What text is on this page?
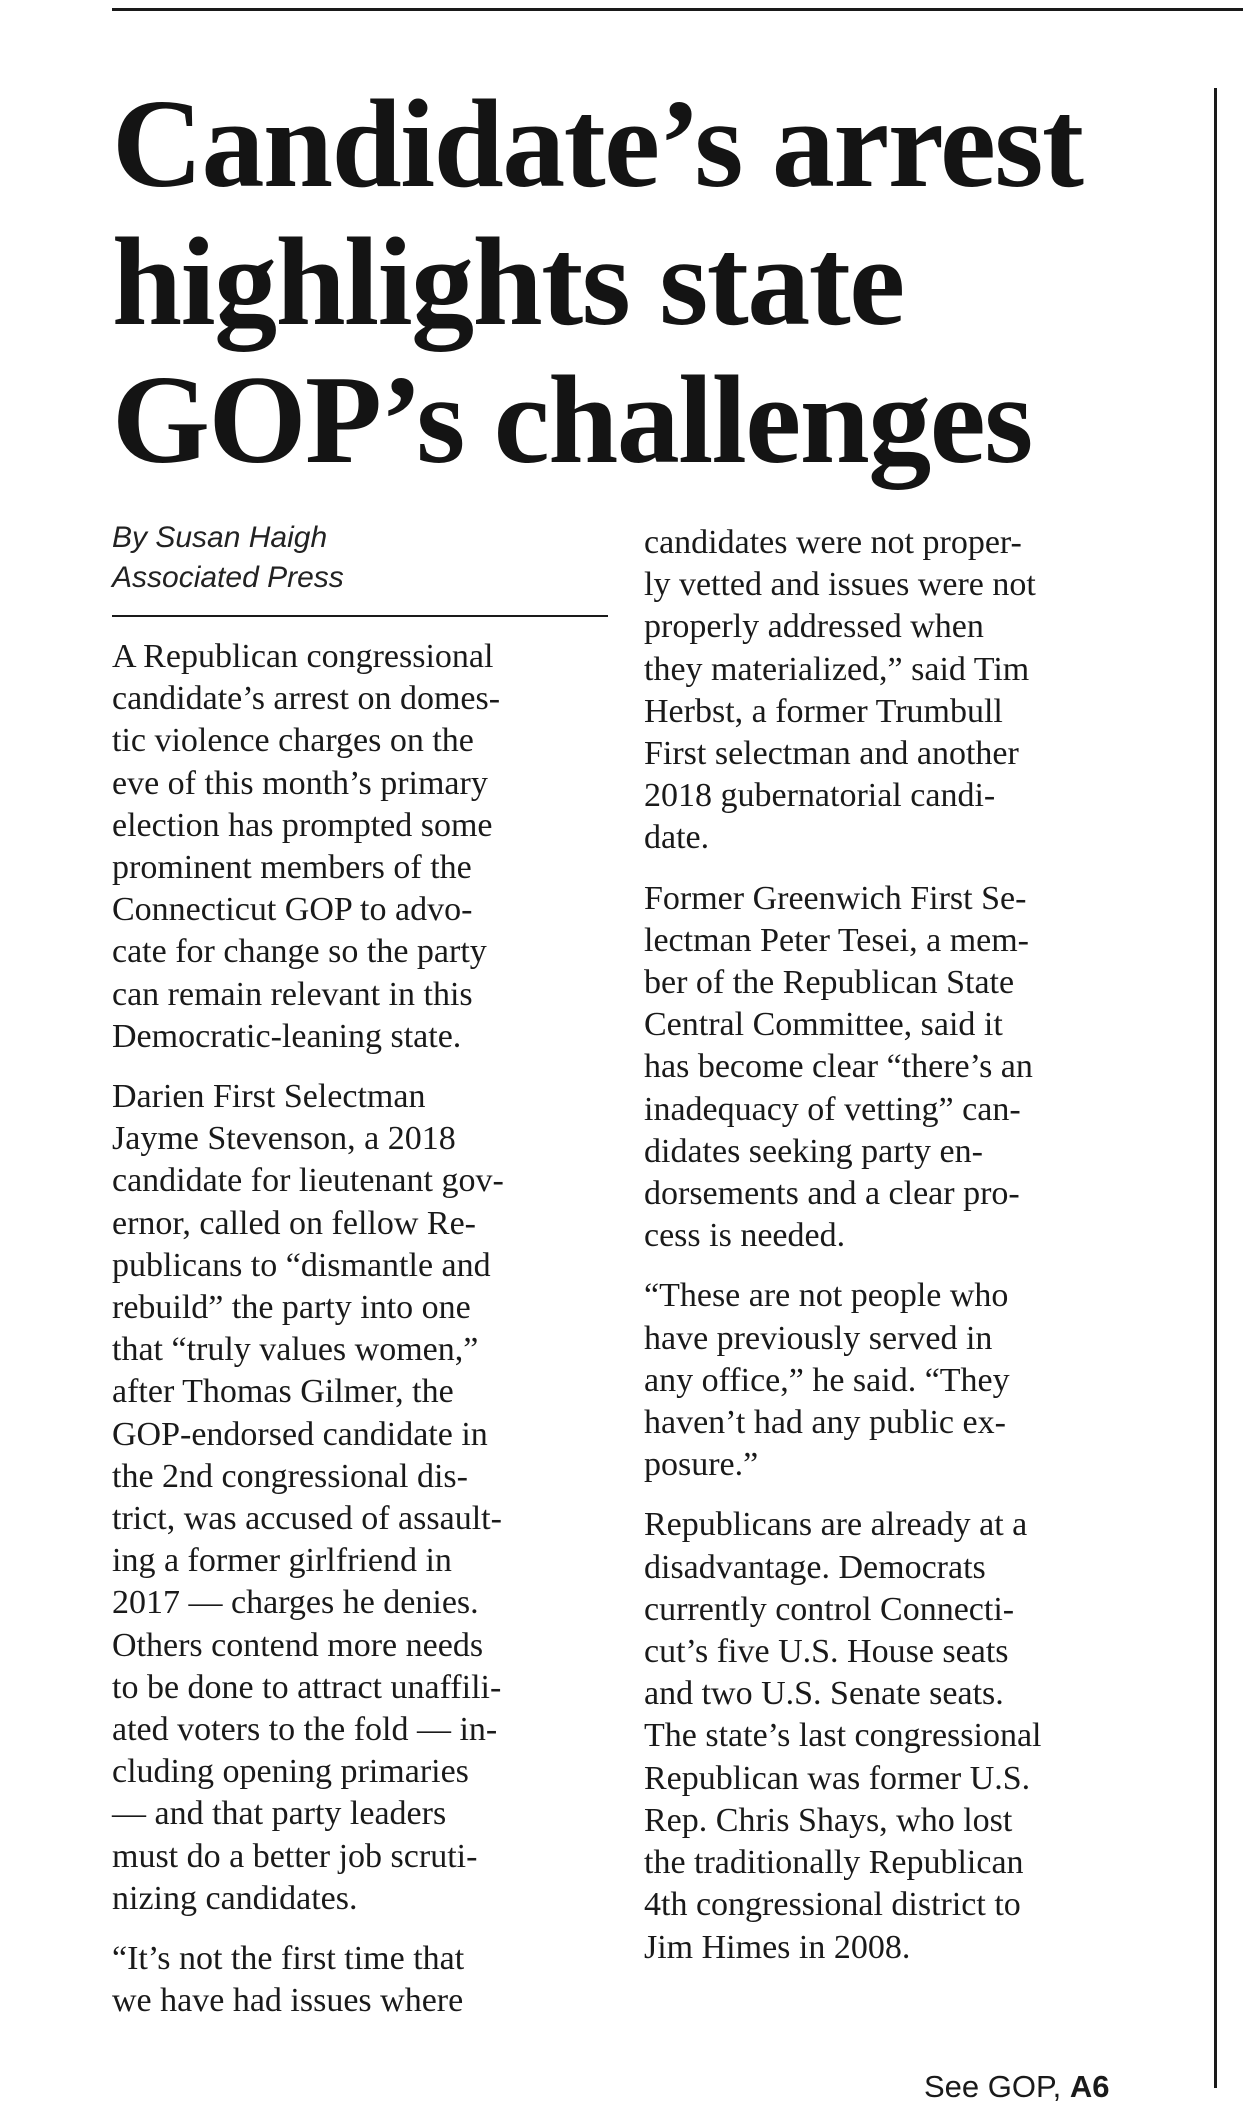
Candidate’s arrest
highlights state
GOP’s challenges
By Susan Haigh
Associated Press
A Republican congressional
candidate’s arrest on domes-
tic violence charges on the
eve of this month’s primary
election has prompted some
prominent members of the
Connecticut GOP to advo-
cate for change so the party
can remain relevant in this
Democratic-leaning state.
Darien First Selectman
Jayme Stevenson, a 2018
candidate for lieutenant gov-
ernor, called on fellow Re-
publicans to “dismantle and
rebuild” the party into one
that “truly values women,”
after Thomas Gilmer, the
GOP-endorsed candidate in
the 2nd congressional dis-
trict, was accused of assault-
ing a former girlfriend in
2017 — charges he denies.
Others contend more needs
to be done to attract unaffili-
ated voters to the fold — in-
cluding opening primaries
— and that party leaders
must do a better job scruti-
nizing candidates.
“It’s not the first time that
we have had issues where
candidates were not proper-
ly vetted and issues were not
properly addressed when
they materialized,” said Tim
Herbst, a former Trumbull
First selectman and another
2018 gubernatorial candi-
date.
Former Greenwich First Se-
lectman Peter Tesei, a mem-
ber of the Republican State
Central Committee, said it
has become clear “there’s an
inadequacy of vetting” can-
didates seeking party en-
dorsements and a clear pro-
cess is needed.
“These are not people who
have previously served in
any office,” he said. “They
haven’t had any public ex-
posure.”
Republicans are already at a
disadvantage. Democrats
currently control Connecti-
cut’s five U.S. House seats
and two U.S. Senate seats.
The state’s last congressional
Republican was former U.S.
Rep. Chris Shays, who lost
the traditionally Republican
4th congressional district to
Jim Himes in 2008.
See GOP, A6
